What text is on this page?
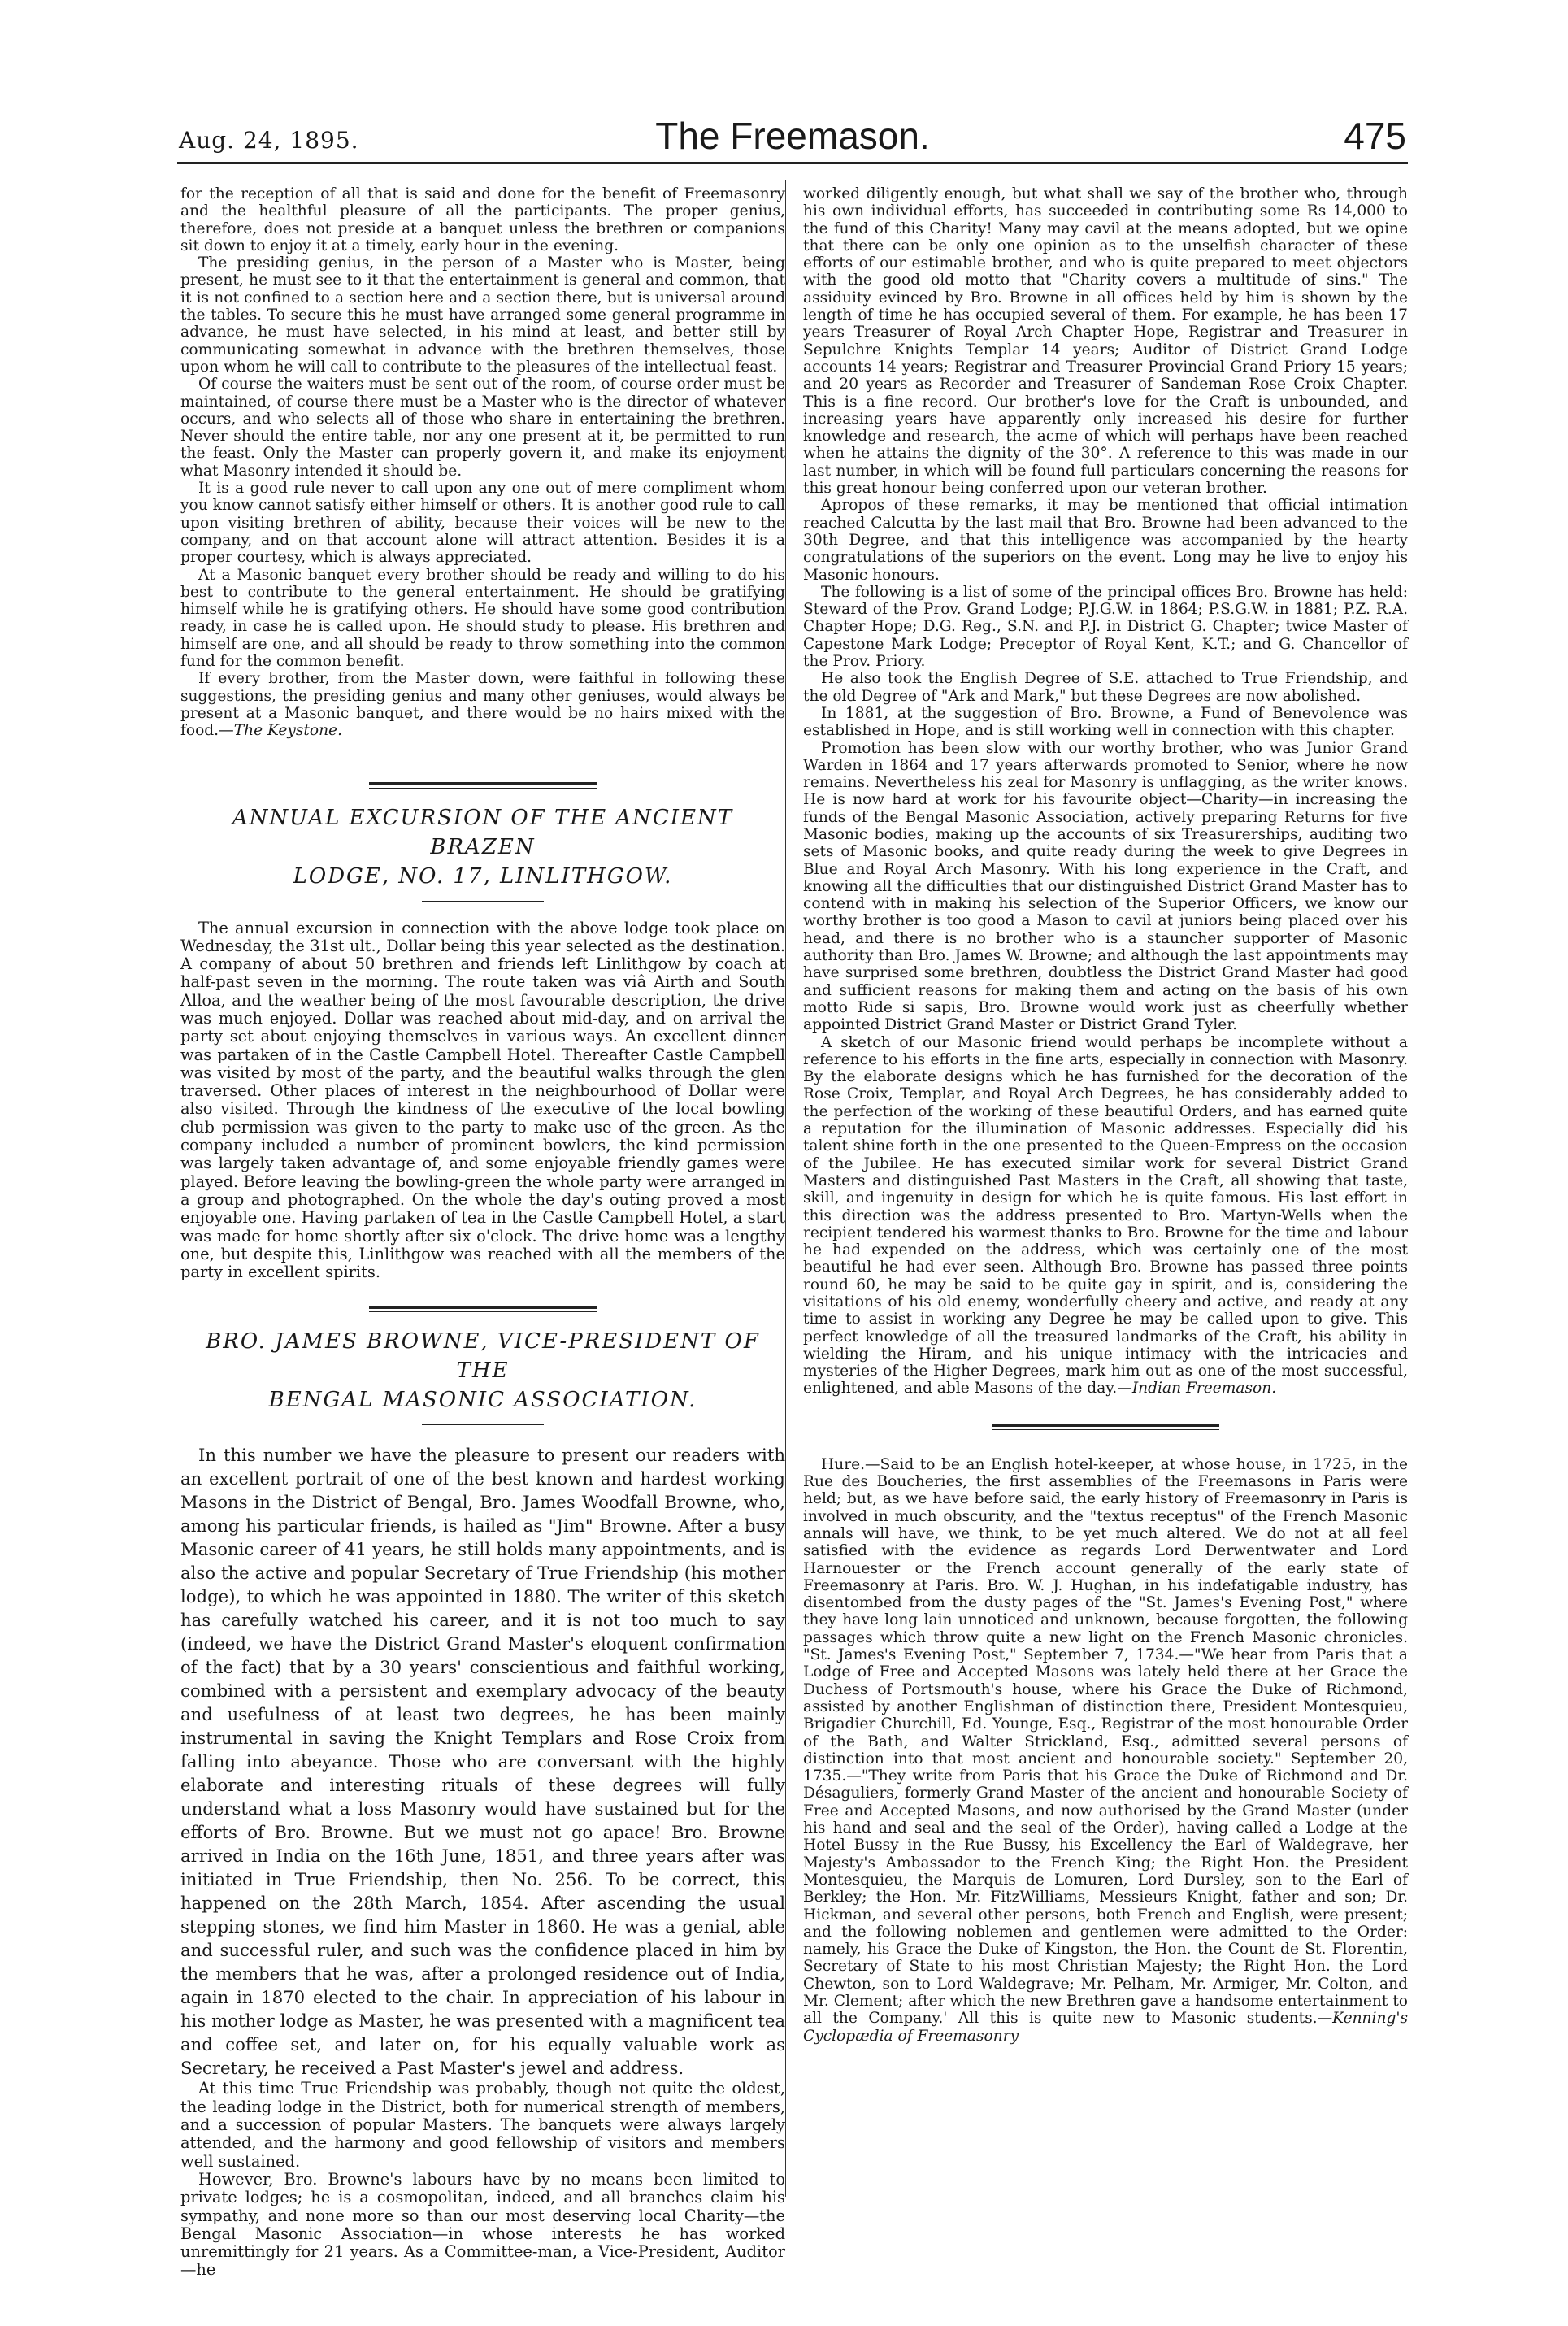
Aug. 24, 1895.	The Freemason.	475

for the reception of all that is said and done for the benefit of Freemasonry and the healthful pleasure of all the participants. The proper genius, therefore, does not preside at a banquet unless the brethren or companions sit down to enjoy it at a timely, early hour in the evening.

The presiding genius, in the person of a Master who is Master, being present, he must see to it that the entertainment is general and common, that it is not confined to a section here and a section there, but is universal around the tables. To secure this he must have arranged some general programme in advance, he must have selected, in his mind at least, and better still by communicating somewhat in advance with the brethren themselves, those upon whom he will call to contribute to the pleasures of the intellectual feast.

Of course the waiters must be sent out of the room, of course order must be maintained, of course there must be a Master who is the director of whatever occurs, and who selects all of those who share in entertaining the brethren. Never should the entire table, nor any one present at it, be permitted to run the feast. Only the Master can properly govern it, and make its enjoyment what Masonry intended it should be.

It is a good rule never to call upon any one out of mere compliment whom you know cannot satisfy either himself or others. It is another good rule to call upon visiting brethren of ability, because their voices will be new to the company, and on that account alone will attract attention. Besides it is a proper courtesy, which is always appreciated.

At a Masonic banquet every brother should be ready and willing to do his best to contribute to the general entertainment. He should be gratifying himself while he is gratifying others. He should have some good contribution ready, in case he is called upon. He should study to please. His brethren and himself are one, and all should be ready to throw something into the common fund for the common benefit.

If every brother, from the Master down, were faithful in following these suggestions, the presiding genius and many other geniuses, would always be present at a Masonic banquet, and there would be no hairs mixed with the food.—The Keystone.

ANNUAL EXCURSION OF THE ANCIENT BRAZEN

LODGE, NO. 17, LINLITHGOW.

The annual excursion in connection with the above lodge took place on Wednesday, the 31st ult., Dollar being this year selected as the destination. A company of about 50 brethren and friends left Linlithgow by coach at half-past seven in the morning. The route taken was viâ Airth and South Alloa, and the weather being of the most favourable description, the drive was much enjoyed. Dollar was reached about mid-day, and on arrival the party set about enjoying themselves in various ways. An excellent dinner was partaken of in the Castle Campbell Hotel. Thereafter Castle Campbell was visited by most of the party, and the beautiful walks through the glen traversed. Other places of interest in the neighbourhood of Dollar were also visited. Through the kindness of the executive of the local bowling club permission was given to the party to make use of the green. As the company included a number of prominent bowlers, the kind permission was largely taken advantage of, and some enjoyable friendly games were played. Before leaving the bowling-green the whole party were arranged in a group and photographed. On the whole the day's outing proved a most enjoyable one. Having partaken of tea in the Castle Campbell Hotel, a start was made for home shortly after six o'clock. The drive home was a lengthy one, but despite this, Linlithgow was reached with all the members of the party in excellent spirits.

BRO. JAMES BROWNE, VICE-PRESIDENT OF THE

BENGAL MASONIC ASSOCIATION.

In this number we have the pleasure to present our readers with an excellent portrait of one of the best known and hardest working Masons in the District of Bengal, Bro. James Woodfall Browne, who, among his particular friends, is hailed as "Jim" Browne. After a busy Masonic career of 41 years, he still holds many appointments, and is also the active and popular Secretary of True Friendship (his mother lodge), to which he was appointed in 1880. The writer of this sketch has carefully watched his career, and it is not too much to say (indeed, we have the District Grand Master's eloquent confirmation of the fact) that by a 30 years' conscientious and faithful working, combined with a persistent and exemplary advocacy of the beauty and usefulness of at least two degrees, he has been mainly instrumental in saving the Knight Templars and Rose Croix from falling into abeyance. Those who are conversant with the highly elaborate and interesting rituals of these degrees will fully understand what a loss Masonry would have sustained but for the efforts of Bro. Browne. But we must not go apace! Bro. Browne arrived in India on the 16th June, 1851, and three years after was initiated in True Friendship, then No. 256. To be correct, this happened on the 28th March, 1854. After ascending the usual stepping stones, we find him Master in 1860. He was a genial, able and successful ruler, and such was the confidence placed in him by the members that he was, after a prolonged residence out of India, again in 1870 elected to the chair. In appreciation of his labour in his mother lodge as Master, he was presented with a magnificent tea and coffee set, and later on, for his equally valuable work as Secretary, he received a Past Master's jewel and address.

At this time True Friendship was probably, though not quite the oldest, the leading lodge in the District, both for numerical strength of members, and a succession of popular Masters. The banquets were always largely attended, and the harmony and good fellowship of visitors and members well sustained.

However, Bro. Browne's labours have by no means been limited to private lodges; he is a cosmopolitan, indeed, and all branches claim his sympathy, and none more so than our most deserving local Charity—the Bengal Masonic Association—in whose interests he has worked unremittingly for 21 years. As a Committee-man, a Vice-President, Auditor—he

worked diligently enough, but what shall we say of the brother who, through his own individual efforts, has succeeded in contributing some Rs 14,000 to the fund of this Charity! Many may cavil at the means adopted, but we opine that there can be only one opinion as to the unselfish character of these efforts of our estimable brother, and who is quite prepared to meet objectors with the good old motto that "Charity covers a multitude of sins." The assiduity evinced by Bro. Browne in all offices held by him is shown by the length of time he has occupied several of them. For example, he has been 17 years Treasurer of Royal Arch Chapter Hope, Registrar and Treasurer in Sepulchre Knights Templar 14 years; Auditor of District Grand Lodge accounts 14 years; Registrar and Treasurer Provincial Grand Priory 15 years; and 20 years as Recorder and Treasurer of Sandeman Rose Croix Chapter. This is a fine record. Our brother's love for the Craft is unbounded, and increasing years have apparently only increased his desire for further knowledge and research, the acme of which will perhaps have been reached when he attains the dignity of the 30°. A reference to this was made in our last number, in which will be found full particulars concerning the reasons for this great honour being conferred upon our veteran brother.

Apropos of these remarks, it may be mentioned that official intimation reached Calcutta by the last mail that Bro. Browne had been advanced to the 30th Degree, and that this intelligence was accompanied by the hearty congratulations of the superiors on the event. Long may he live to enjoy his Masonic honours.

The following is a list of some of the principal offices Bro. Browne has held: Steward of the Prov. Grand Lodge; P.J.G.W. in 1864; P.S.G.W. in 1881; P.Z. R.A. Chapter Hope; D.G. Reg., S.N. and P.J. in District G. Chapter; twice Master of Capestone Mark Lodge; Preceptor of Royal Kent, K.T.; and G. Chancellor of the Prov. Priory.

He also took the English Degree of S.E. attached to True Friendship, and the old Degree of "Ark and Mark," but these Degrees are now abolished.

In 1881, at the suggestion of Bro. Browne, a Fund of Benevolence was established in Hope, and is still working well in connection with this chapter.

Promotion has been slow with our worthy brother, who was Junior Grand Warden in 1864 and 17 years afterwards promoted to Senior, where he now remains. Nevertheless his zeal for Masonry is unflagging, as the writer knows. He is now hard at work for his favourite object—Charity—in increasing the funds of the Bengal Masonic Association, actively preparing Returns for five Masonic bodies, making up the accounts of six Treasurerships, auditing two sets of Masonic books, and quite ready during the week to give Degrees in Blue and Royal Arch Masonry. With his long experience in the Craft, and knowing all the difficulties that our distinguished District Grand Master has to contend with in making his selection of the Superior Officers, we know our worthy brother is too good a Mason to cavil at juniors being placed over his head, and there is no brother who is a stauncher supporter of Masonic authority than Bro. James W. Browne; and although the last appointments may have surprised some brethren, doubtless the District Grand Master had good and sufficient reasons for making them and acting on the basis of his own motto Ride si sapis, Bro. Browne would work just as cheerfully whether appointed District Grand Master or District Grand Tyler.

A sketch of our Masonic friend would perhaps be incomplete without a reference to his efforts in the fine arts, especially in connection with Masonry. By the elaborate designs which he has furnished for the decoration of the Rose Croix, Templar, and Royal Arch Degrees, he has considerably added to the perfection of the working of these beautiful Orders, and has earned quite a reputation for the illumination of Masonic addresses. Especially did his talent shine forth in the one presented to the Queen-Empress on the occasion of the Jubilee. He has executed similar work for several District Grand Masters and distinguished Past Masters in the Craft, all showing that taste, skill, and ingenuity in design for which he is quite famous. His last effort in this direction was the address presented to Bro. Martyn-Wells when the recipient tendered his warmest thanks to Bro. Browne for the time and labour he had expended on the address, which was certainly one of the most beautiful he had ever seen. Although Bro. Browne has passed three points round 60, he may be said to be quite gay in spirit, and is, considering the visitations of his old enemy, wonderfully cheery and active, and ready at any time to assist in working any Degree he may be called upon to give. This perfect knowledge of all the treasured landmarks of the Craft, his ability in wielding the Hiram, and his unique intimacy with the intricacies and mysteries of the Higher Degrees, mark him out as one of the most successful, enlightened, and able Masons of the day.—Indian Freemason.

Hure.—Said to be an English hotel-keeper, at whose house, in 1725, in the Rue des Boucheries, the first assemblies of the Freemasons in Paris were held; but, as we have before said, the early history of Freemasonry in Paris is involved in much obscurity, and the "textus receptus" of the French Masonic annals will have, we think, to be yet much altered. We do not at all feel satisfied with the evidence as regards Lord Derwentwater and Lord Harnouester or the French account generally of the early state of Freemasonry at Paris. Bro. W. J. Hughan, in his indefatigable industry, has disentombed from the dusty pages of the "St. James's Evening Post," where they have long lain unnoticed and unknown, because forgotten, the following passages which throw quite a new light on the French Masonic chronicles. "St. James's Evening Post," September 7, 1734.—"We hear from Paris that a Lodge of Free and Accepted Masons was lately held there at her Grace the Duchess of Portsmouth's house, where his Grace the Duke of Richmond, assisted by another Englishman of distinction there, President Montesquieu, Brigadier Churchill, Ed. Younge, Esq., Registrar of the most honourable Order of the Bath, and Walter Strickland, Esq., admitted several persons of distinction into that most ancient and honourable society." September 20, 1735.—"They write from Paris that his Grace the Duke of Richmond and Dr. Désaguliers, formerly Grand Master of the ancient and honourable Society of Free and Accepted Masons, and now authorised by the Grand Master (under his hand and seal and the seal of the Order), having called a Lodge at the Hotel Bussy in the Rue Bussy, his Excellency the Earl of Waldegrave, her Majesty's Ambassador to the French King; the Right Hon. the President Montesquieu, the Marquis de Lomuren, Lord Dursley, son to the Earl of Berkley; the Hon. Mr. FitzWilliams, Messieurs Knight, father and son; Dr. Hickman, and several other persons, both French and English, were present; and the following noblemen and gentlemen were admitted to the Order: namely, his Grace the Duke of Kingston, the Hon. the Count de St. Florentin, Secretary of State to his most Christian Majesty; the Right Hon. the Lord Chewton, son to Lord Waldegrave; Mr. Pelham, Mr. Armiger, Mr. Colton, and Mr. Clement; after which the new Brethren gave a handsome entertainment to all the Company.' All this is quite new to Masonic students.—Kenning's Cyclopædia of Freemasonry
